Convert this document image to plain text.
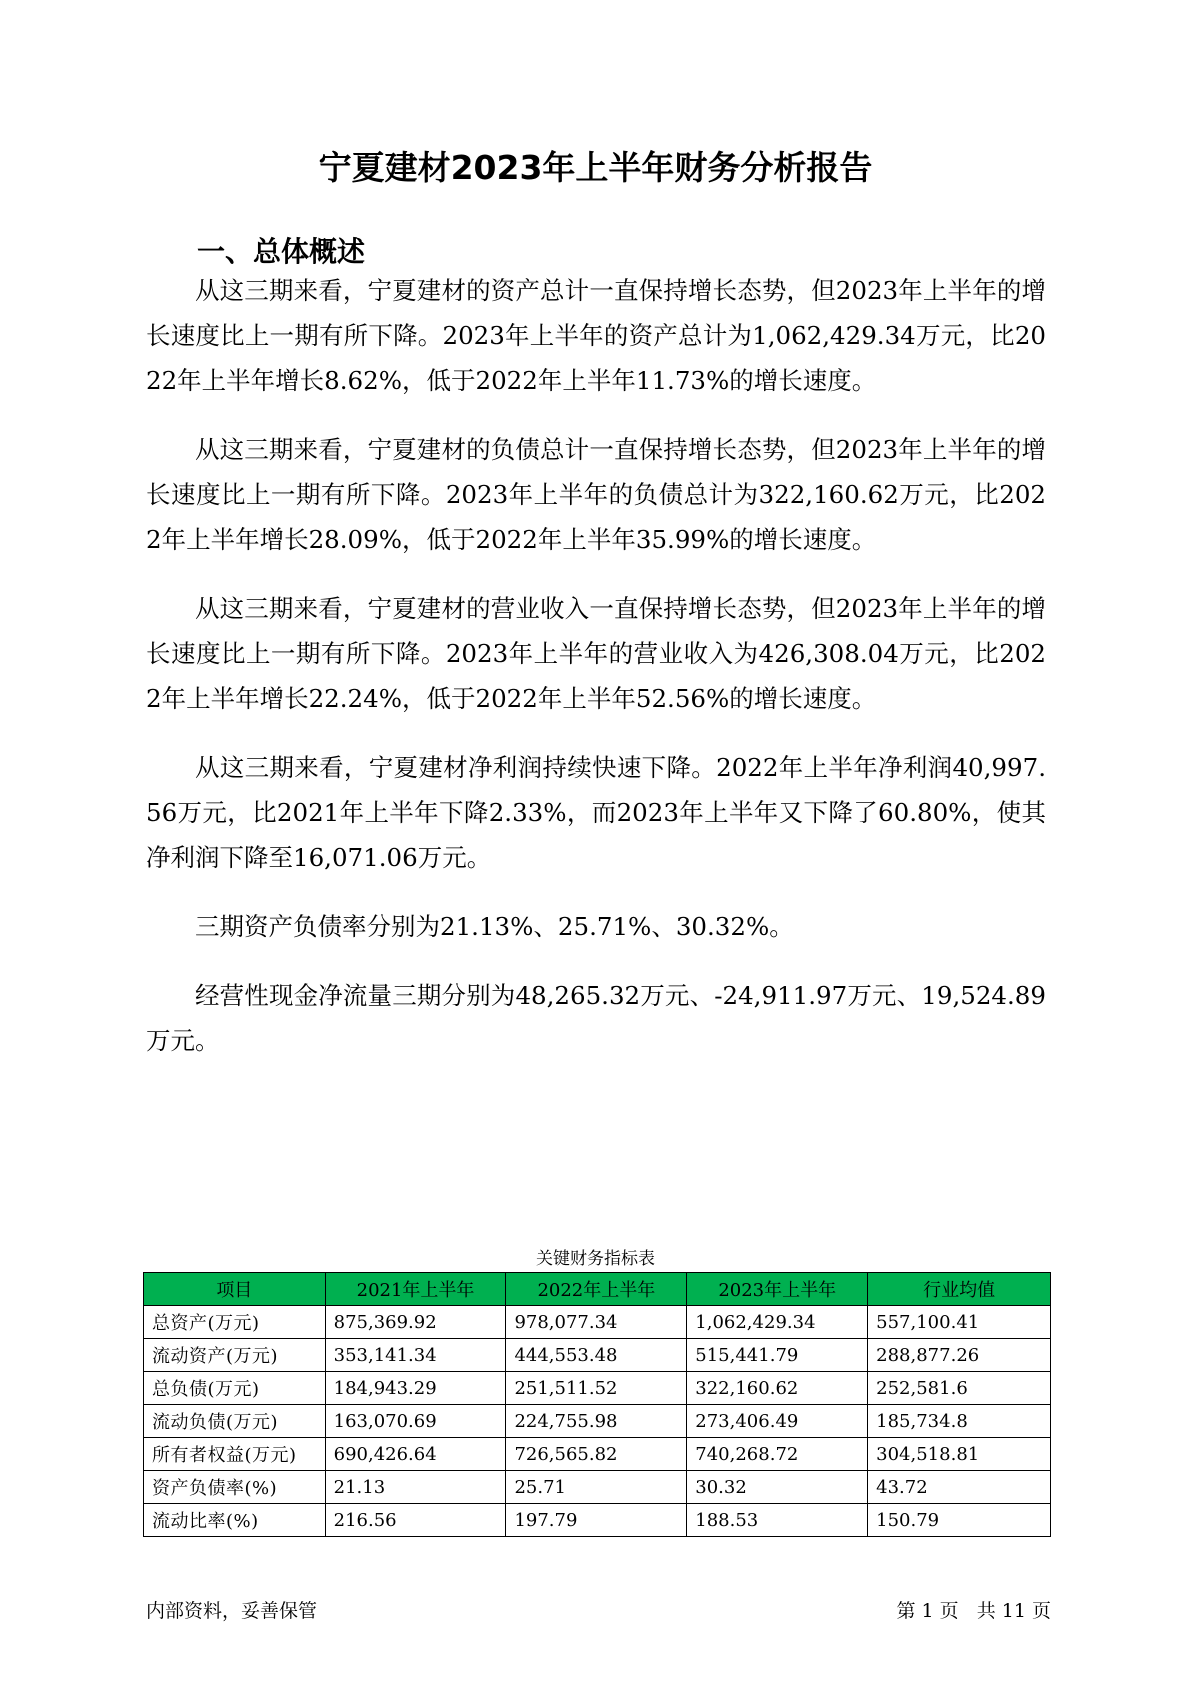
宁夏建材2023年上半年财务分析报告
一、总体概述

从这三期来看，宁夏建材的资产总计一直保持增长态势，但2023年上半年的增长速度比上一期有所下降。2023年上半年的资产总计为1,062,429.34万元，比2022年上半年增长8.62%，低于2022年上半年11.73%的增长速度。

从这三期来看，宁夏建材的负债总计一直保持增长态势，但2023年上半年的增长速度比上一期有所下降。2023年上半年的负债总计为322,160.62万元，比2022年上半年增长28.09%，低于2022年上半年35.99%的增长速度。

从这三期来看，宁夏建材的营业收入一直保持增长态势，但2023年上半年的增长速度比上一期有所下降。2023年上半年的营业收入为426,308.04万元，比2022年上半年增长22.24%，低于2022年上半年52.56%的增长速度。

从这三期来看，宁夏建材净利润持续快速下降。2022年上半年净利润40,997.56万元，比2021年上半年下降2.33%，而2023年上半年又下降了60.80%，使其净利润下降至16,071.06万元。

三期资产负债率分别为21.13%、25.71%、30.32%。

经营性现金净流量三期分别为48,265.32万元、-24,911.97万元、19,524.89万元。

关键财务指标表
项目	2021年上半年	2022年上半年	2023年上半年	行业均值
总资产(万元)	875,369.92	978,077.34	1,062,429.34	557,100.41
流动资产(万元)	353,141.34	444,553.48	515,441.79	288,877.26
总负债(万元)	184,943.29	251,511.52	322,160.62	252,581.6
流动负债(万元)	163,070.69	224,755.98	273,406.49	185,734.8
所有者权益(万元)	690,426.64	726,565.82	740,268.72	304,518.81
资产负债率(%)	21.13	25.71	30.32	43.72
流动比率(%)	216.56	197.79	188.53	150.79
内部资料，妥善保管	第 1 页   共 11 页
